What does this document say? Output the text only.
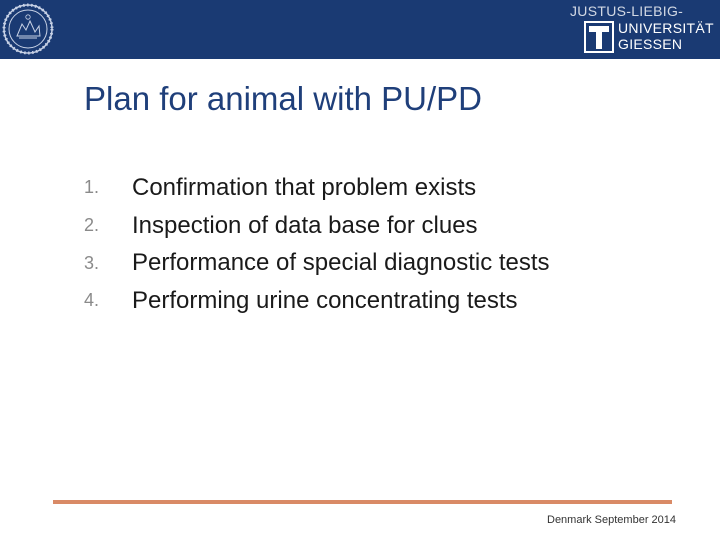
JUSTUS-LIEBIG-
UNIVERSITÄT
GIESSEN
Plan for animal with PU/PD
1. Confirmation that problem exists
2. Inspection of data base for clues
3. Performance of special diagnostic tests
4. Performing urine concentrating tests
Denmark September 2014
